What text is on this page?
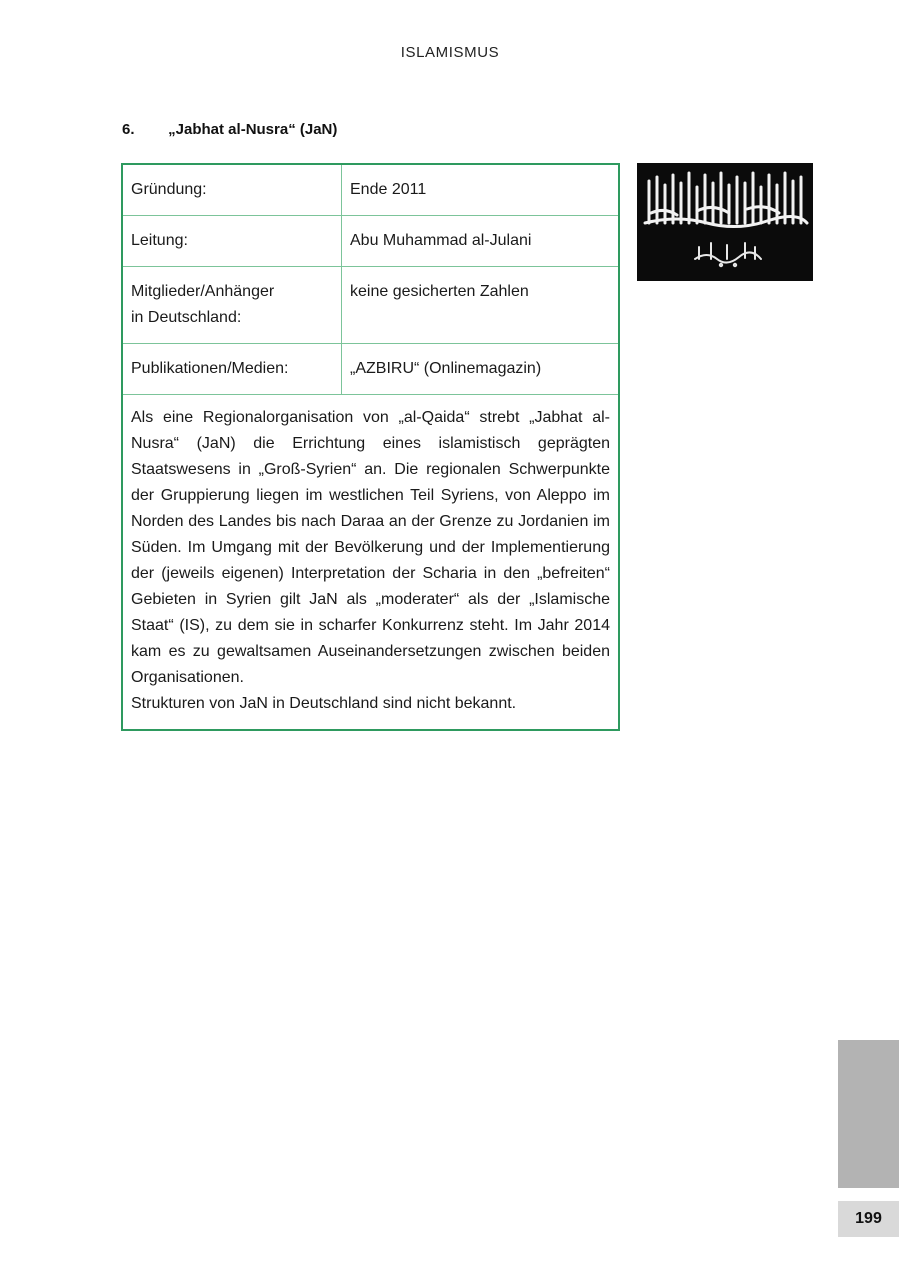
ISLAMISMUS
6. „Jabhat al-Nusra“ (JaN)
Gründung:	Ende 2011
Leitung:	Abu Muhammad al-Julani

Mitglieder/Anhänger
in Deutschland:	keine gesicherten Zahlen
Publikationen/Medien:	„AZBIRU“ (Onlinemagazin)

Als eine Regionalorganisation von „al-Qaida“ strebt „Jabhat al-Nusra“ (JaN) die Errichtung eines islamistisch geprägten Staatswesens in „Groß-Syrien“ an. Die regionalen Schwerpunkte der Gruppierung liegen im westlichen Teil Syriens, von Aleppo im Norden des Landes bis nach Daraa an der Grenze zu Jordanien im Süden. Im Umgang mit der Bevölkerung und der Implementierung der (jeweils eigenen) Interpretation der Scharia in den „befreiten“ Gebieten in Syrien gilt JaN als „moderater“ als der „Islamische Staat“ (IS), zu dem sie in scharfer Konkurrenz steht. Im Jahr 2014 kam es zu gewaltsamen Auseinandersetzungen zwischen beiden Organisationen.

Strukturen von JaN in Deutschland sind nicht bekannt.

199
